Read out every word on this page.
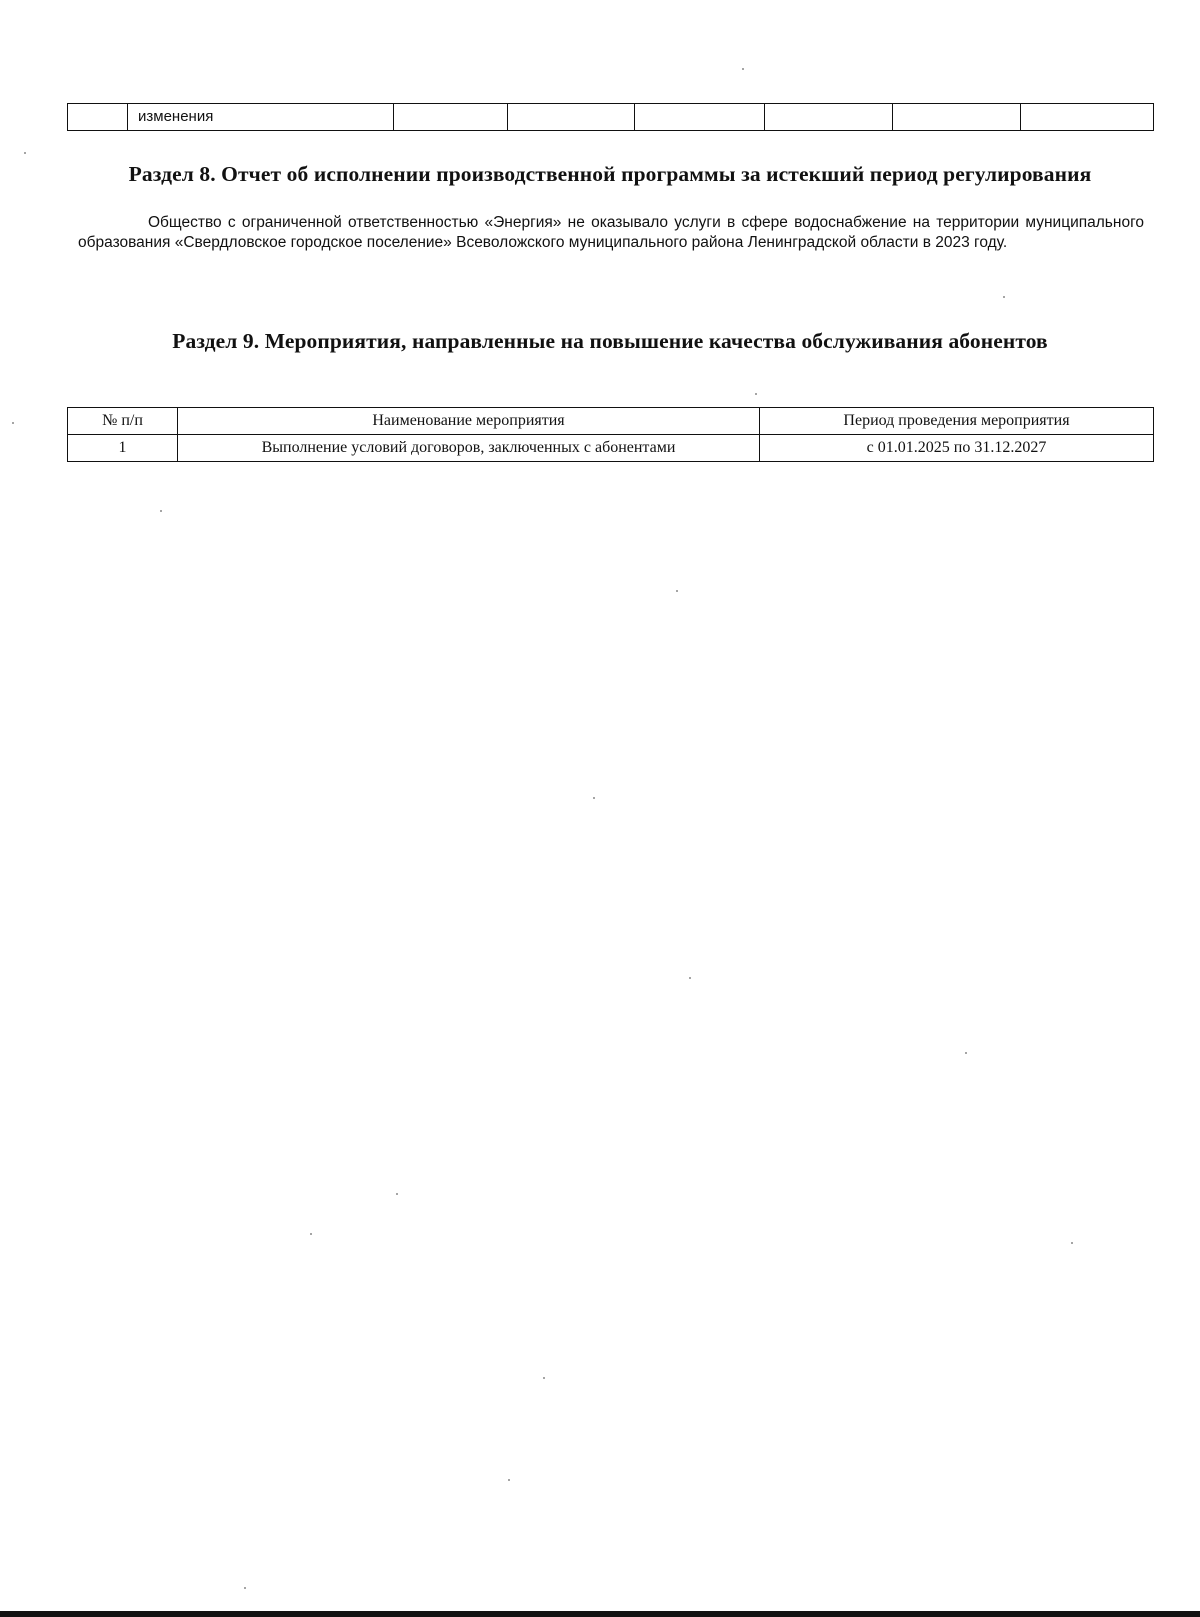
	изменения						
Раздел 8. Отчет об исполнении производственной программы за истекший период регулирования

Общество с ограниченной ответственностью «Энергия» не оказывало услуги в сфере водоснабжение на территории муниципального образования «Свердловское городское поселение» Всеволожского муниципального района Ленинградской области в 2023 году.

Раздел 9. Мероприятия, направленные на повышение качества обслуживания абонентов
№ п/п	Наименование мероприятия	Период проведения мероприятия
1	Выполнение условий договоров, заключенных с абонентами	с 01.01.2025 по 31.12.2027
